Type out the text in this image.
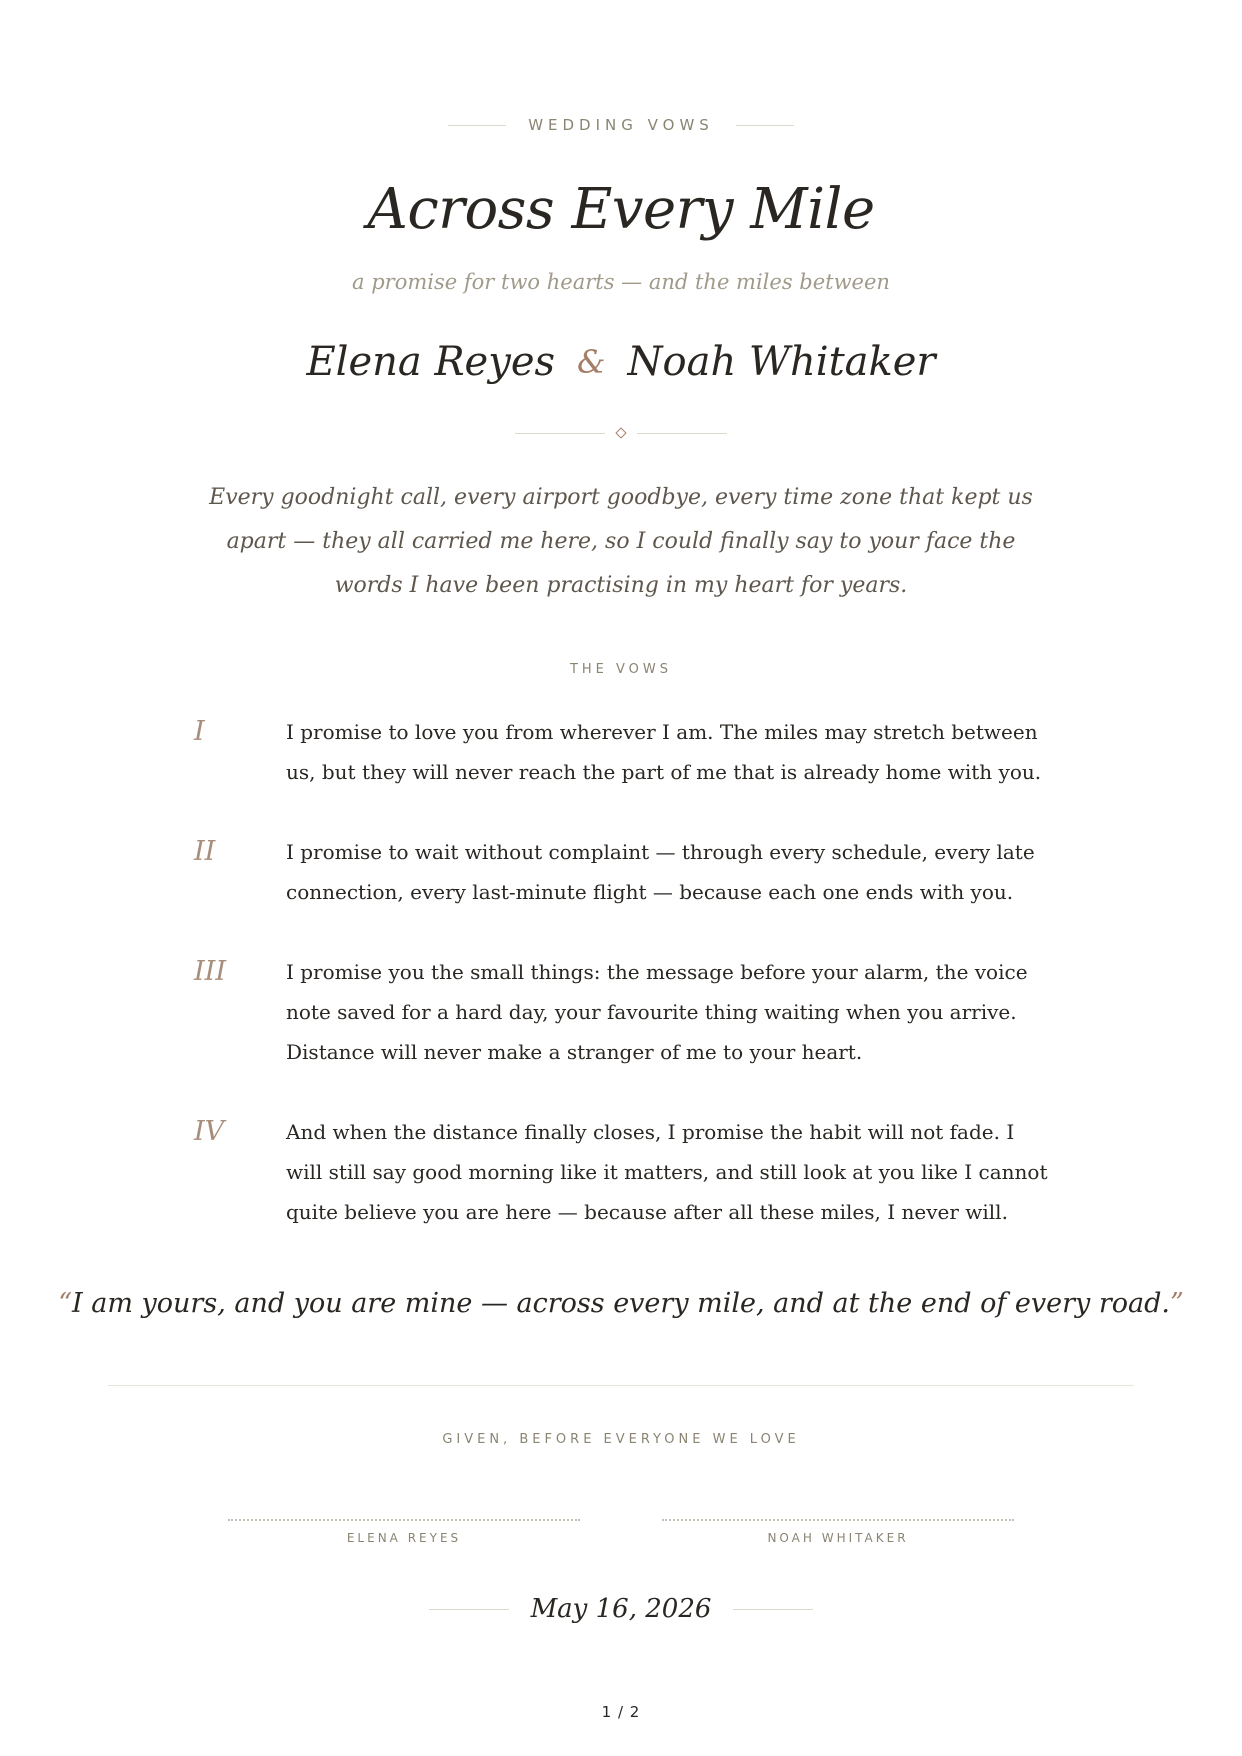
WEDDING VOWS
Across Every Mile
a promise for two hearts — and the miles between
Elena Reyes & Noah Whitaker
Every goodnight call, every airport goodbye, every time zone that kept us apart — they all carried me here, so I could finally say to your face the words I have been practising in my heart for years.
THE VOWS
I	I promise to love you from wherever I am. The miles may stretch between us, but they will never reach the part of me that is already home with you.
II	I promise to wait without complaint — through every schedule, every late connection, every last-minute flight — because each one ends with you.
III	I promise you the small things: the message before your alarm, the voice note saved for a hard day, your favourite thing waiting when you arrive. Distance will never make a stranger of me to your heart.
IV	And when the distance finally closes, I promise the habit will not fade. I will still say good morning like it matters, and still look at you like I cannot quite believe you are here — because after all these miles, I never will.
“I am yours, and you are mine — across every mile, and at the end of every road.”
GIVEN, BEFORE EVERYONE WE LOVE
ELENA REYES	NOAH WHITAKER
May 16, 2026
1 / 2
